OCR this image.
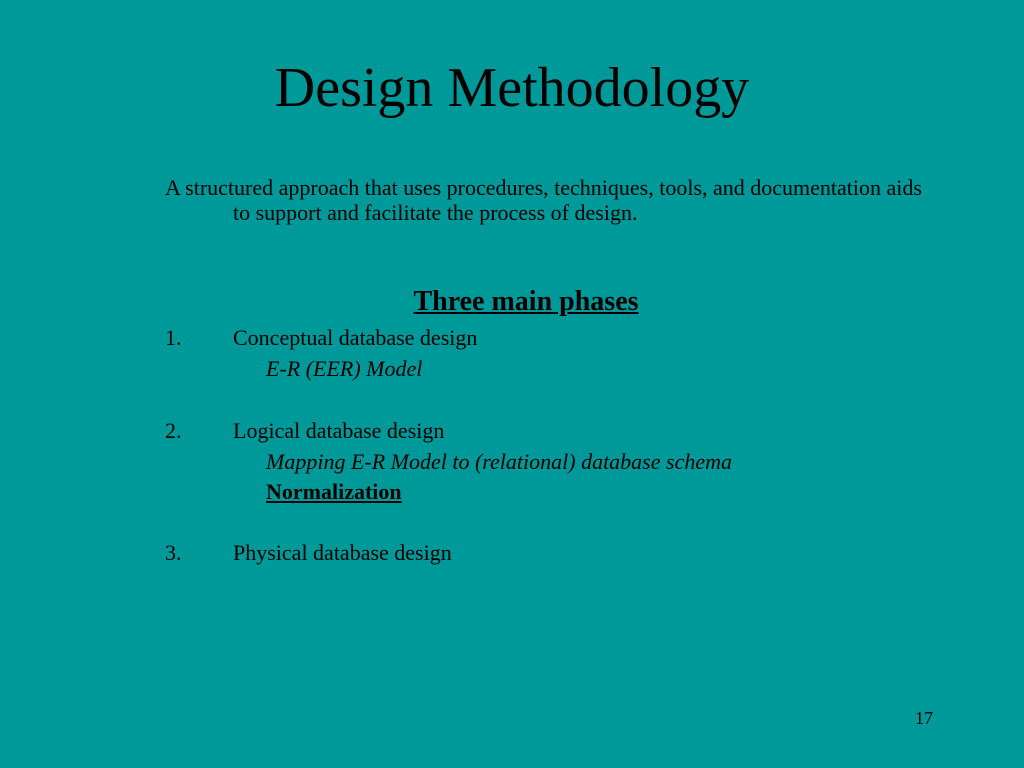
Design Methodology

A structured approach that uses procedures, techniques, tools, and documentation aids to support and facilitate the process of design.

Three main phases
1. Conceptual database design
E-R (EER) Model
2. Logical database design
Mapping E-R Model to (relational) database schema
Normalization
3. Physical database design
17
